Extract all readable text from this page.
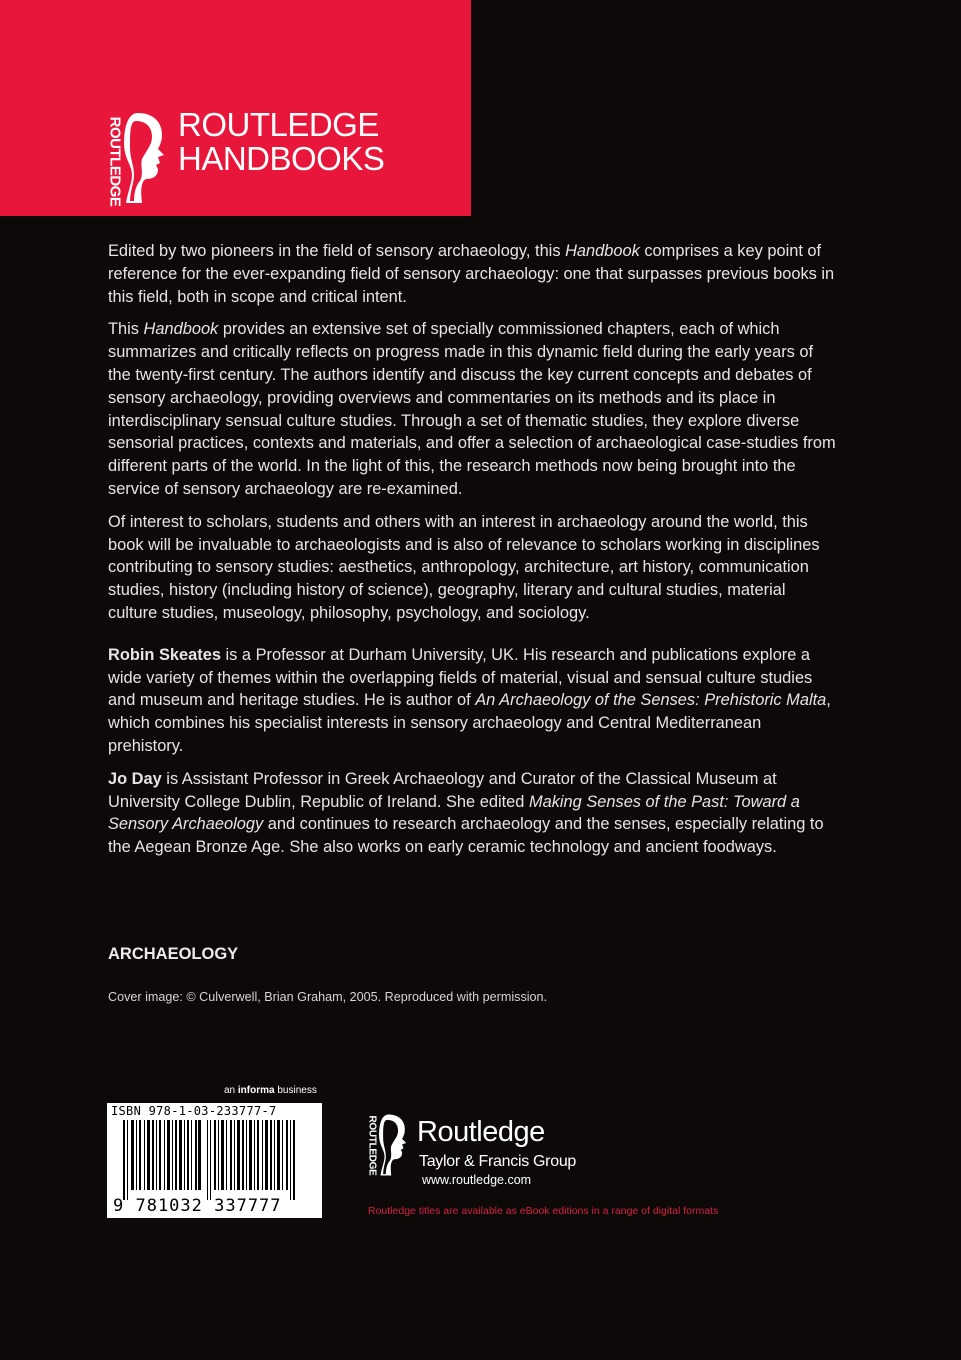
ROUTLEDGE ROUTLEDGE
HANDBOOKS

Edited by two pioneers in the field of sensory archaeology, this Handbook comprises a key point of reference for the ever-expanding field of sensory archaeology: one that surpasses previous books in this field, both in scope and critical intent.

This Handbook provides an extensive set of specially commissioned chapters, each of which summarizes and critically reflects on progress made in this dynamic field during the early years of the twenty-first century. The authors identify and discuss the key current concepts and debates of sensory archaeology, providing overviews and commentaries on its methods and its place in interdisciplinary sensual culture studies. Through a set of thematic studies, they explore diverse sensorial practices, contexts and materials, and offer a selection of archaeological case-studies from different parts of the world. In the light of this, the research methods now being brought into the service of sensory archaeology are re-examined.

Of interest to scholars, students and others with an interest in archaeology around the world, this book will be invaluable to archaeologists and is also of relevance to scholars working in disciplines contributing to sensory studies: aesthetics, anthropology, architecture, art history, communication studies, history (including history of science), geography, literary and cultural studies, material culture studies, museology, philosophy, psychology, and sociology.

Robin Skeates is a Professor at Durham University, UK. His research and publications explore a wide variety of themes within the overlapping fields of material, visual and sensual culture studies and museum and heritage studies. He is author of An Archaeology of the Senses: Prehistoric Malta, which combines his specialist interests in sensory archaeology and Central Mediterranean prehistory.

Jo Day is Assistant Professor in Greek Archaeology and Curator of the Classical Museum at University College Dublin, Republic of Ireland. She edited Making Senses of the Past: Toward a Sensory Archaeology and continues to research archaeology and the senses, especially relating to the Aegean Bronze Age. She also works on early ceramic technology and ancient foodways.

ARCHAEOLOGY
Cover image: © Culverwell, Brian Graham, 2005. Reproduced with permission.
an informa business
ISBN 978-1-03-233777-7
9 781032 337777
ROUTLEDGE Routledge
Taylor & Francis Group
www.routledge.com
Routledge titles are available as eBook editions in a range of digital formats
